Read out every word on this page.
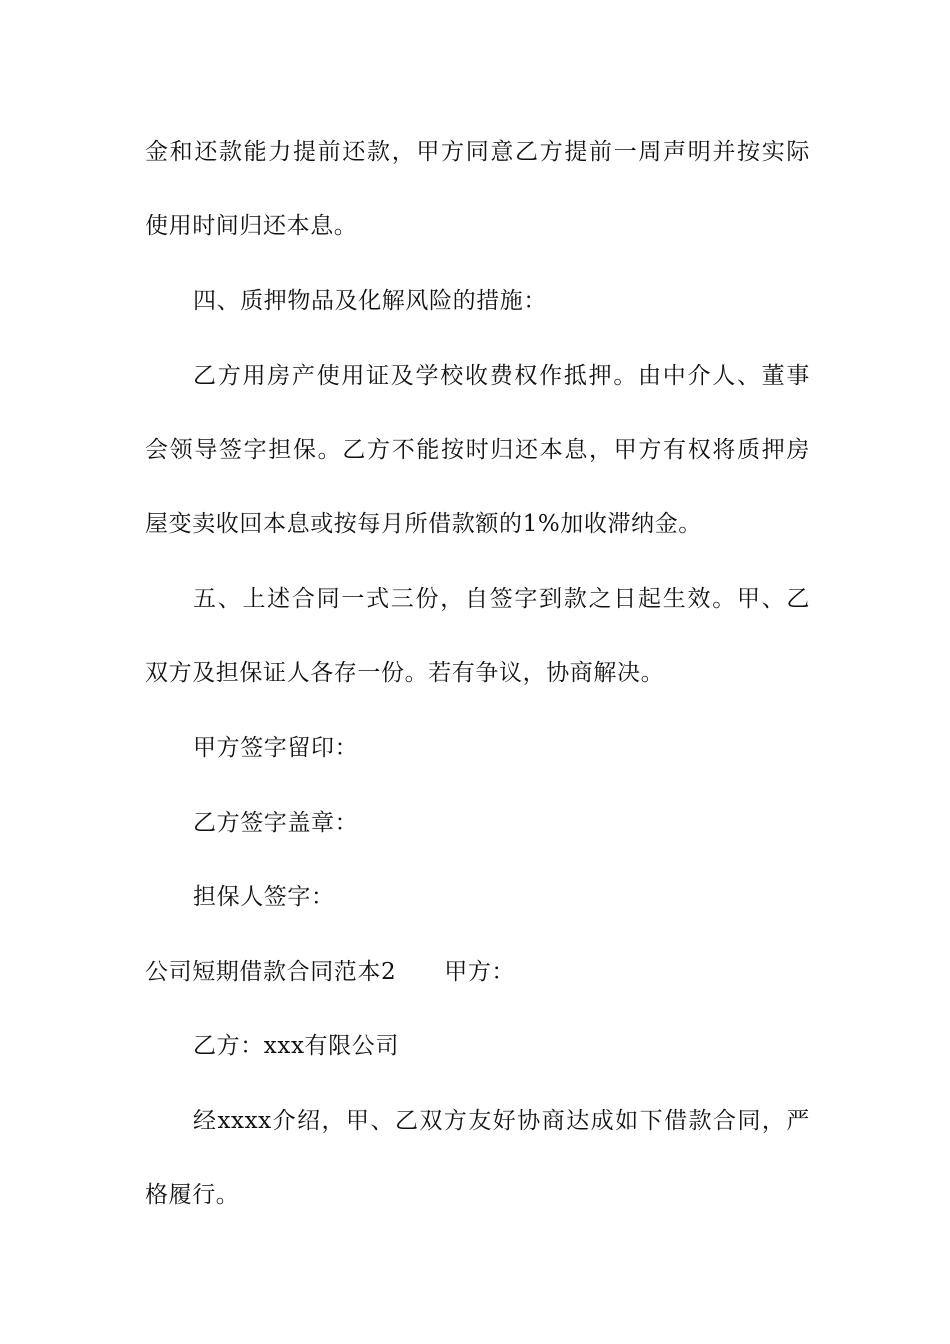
金和还款能力提前还款，甲方同意乙方提前一周声明并按实际
使用时间归还本息。
四、质押物品及化解风险的措施：
乙方用房产使用证及学校收费权作抵押。由中介人、董事
会领导签字担保。乙方不能按时归还本息，甲方有权将质押房
屋变卖收回本息或按每月所借款额的1%加收滞纳金。
五、上述合同一式三份，自签字到款之日起生效。甲、乙
双方及担保证人各存一份。若有争议，协商解决。
甲方签字留印：
乙方签字盖章：
担保人签字：
公司短期借款合同范本2 甲方：
乙方：xxx有限公司
经xxxx介绍，甲、乙双方友好协商达成如下借款合同，严
格履行。
